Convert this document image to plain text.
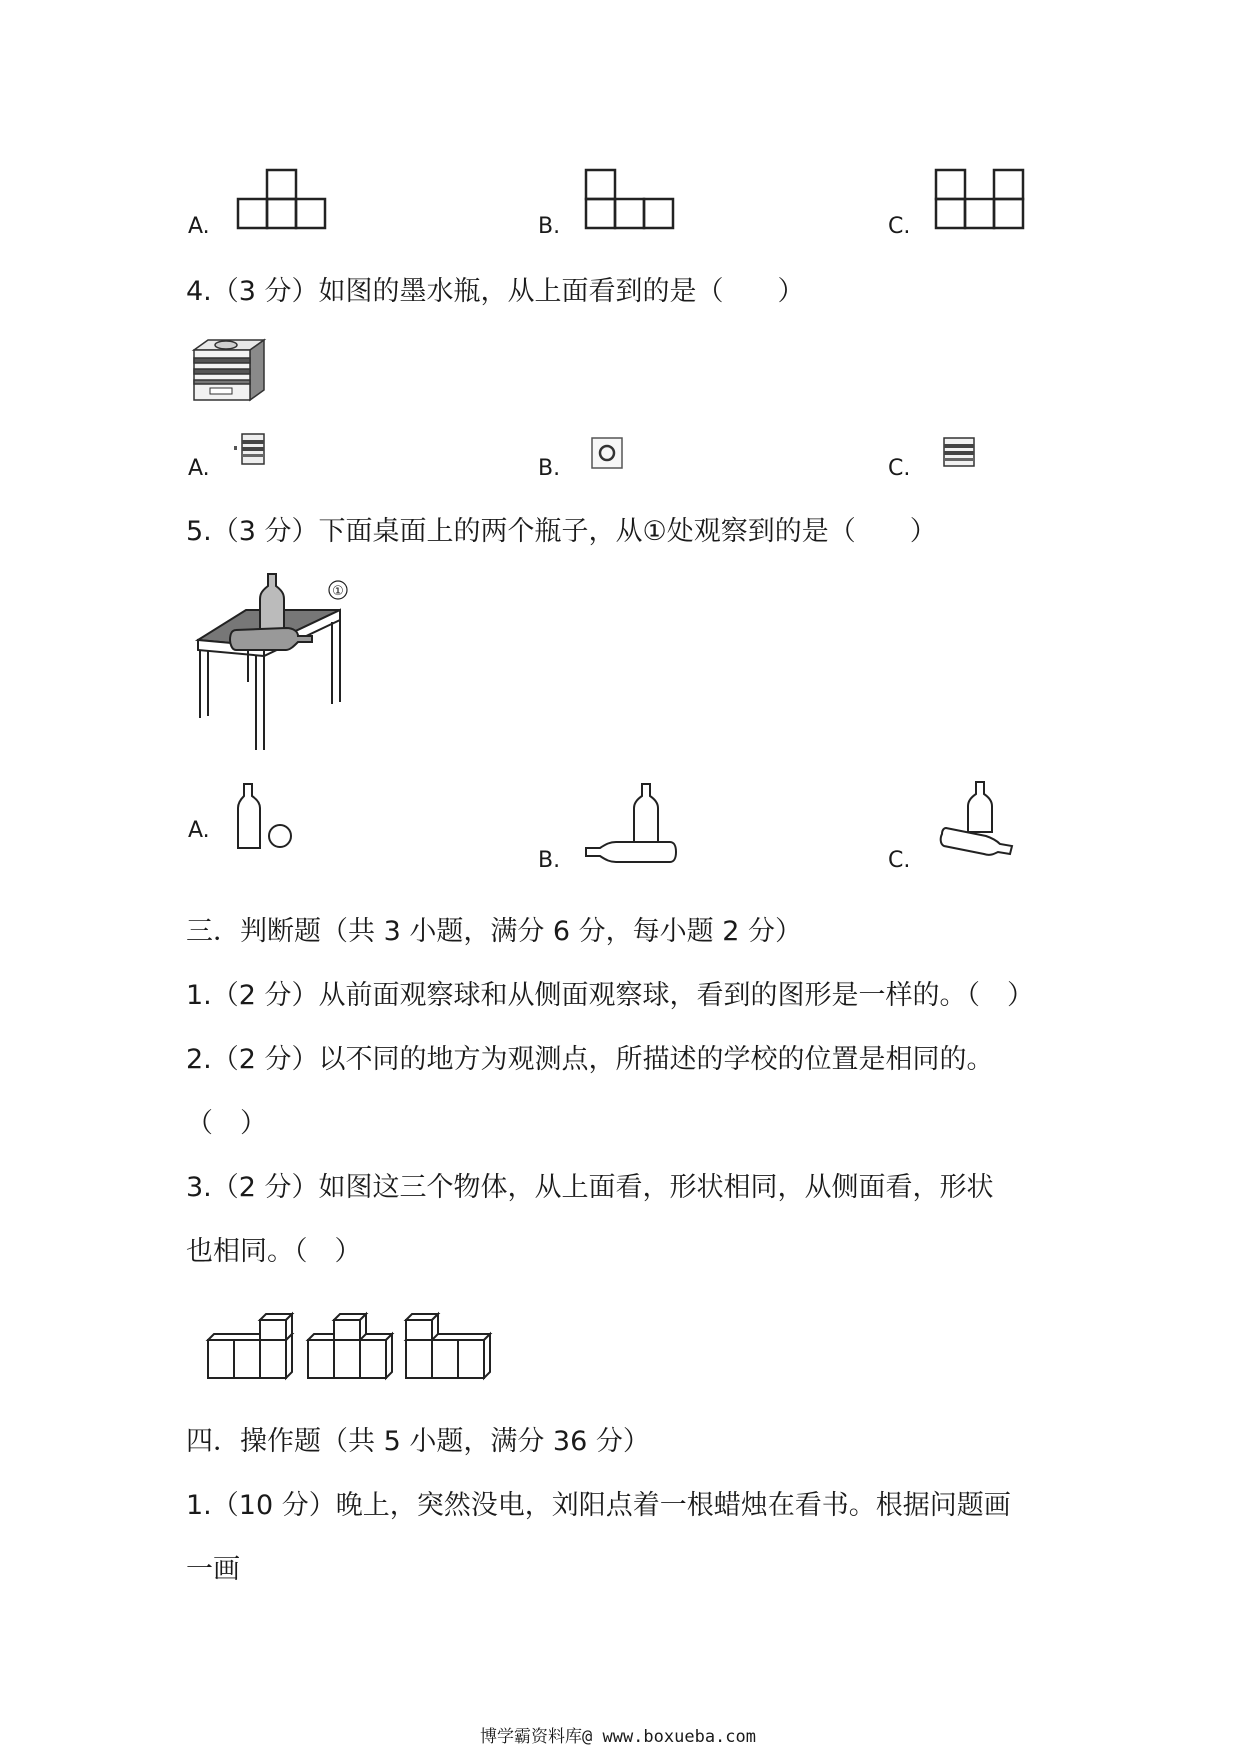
A.	B.	C.
4.（3 分）如图的墨水瓶，从上面看到的是（　　）
A.	B.	C.
5.（3 分）下面桌面上的两个瓶子，从①处观察到的是（　　）
①
A.
B.	C.
三．判断题（共 3 小题，满分 6 分，每小题 2 分）
1.（2 分）从前面观察球和从侧面观察球，看到的图形是一样的。（　）
2.（2 分）以不同的地方为观测点，所描述的学校的位置是相同的。
（　）
3.（2 分）如图这三个物体，从上面看，形状相同，从侧面看，形状
也相同。（　）
四．操作题（共 5 小题，满分 36 分）
1.（10 分）晚上，突然没电，刘阳点着一根蜡烛在看书。根据问题画
一画
博学霸资料库@ www.boxueba.com
